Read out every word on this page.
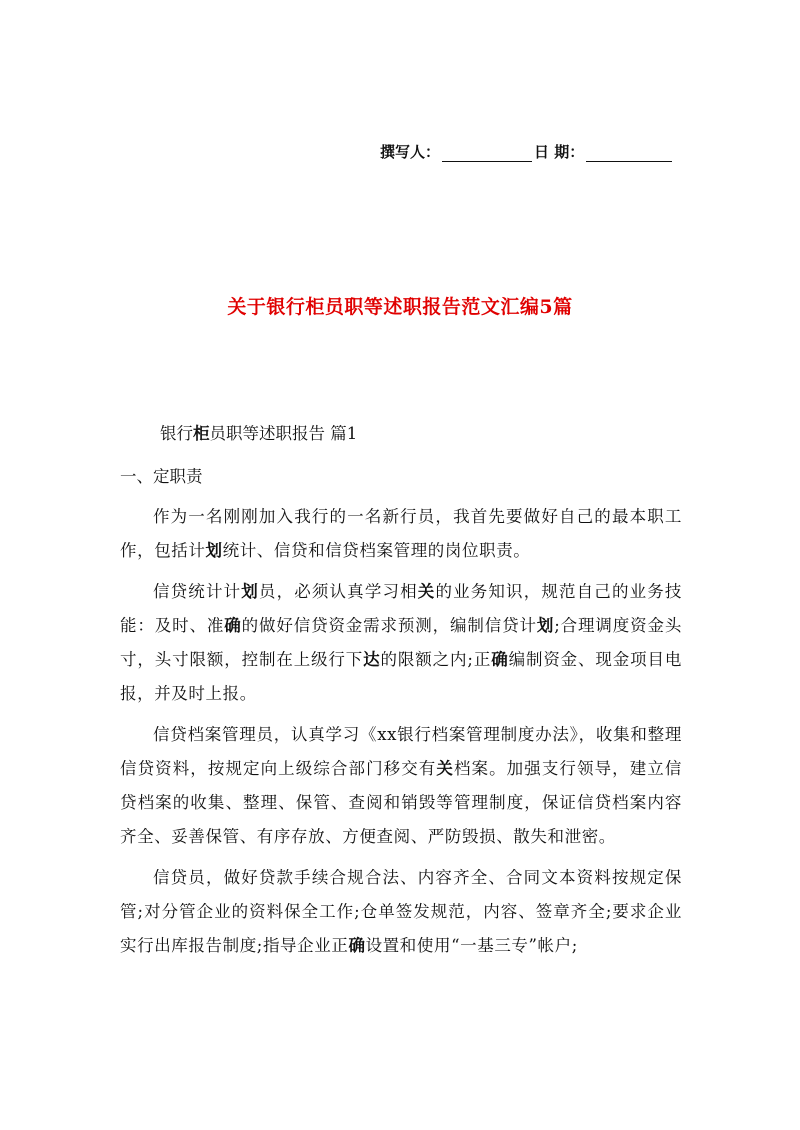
撰写人：	日 期：
关于银行柜员职等述职报告范文汇编5篇
银行柜员职等述职报告 篇1
一、定职责

作为一名刚刚加入我行的一名新行员，我首先要做好自己的最本职工作，包括计划统计、信贷和信贷档案管理的岗位职责。

信贷统计计划员，必须认真学习相关的业务知识，规范自己的业务技能：及时、准确的做好信贷资金需求预测，编制信贷计划;合理调度资金头寸，头寸限额，控制在上级行下达的限额之内;正确编制资金、现金项目电报，并及时上报。

信贷档案管理员，认真学习《xx银行档案管理制度办法》，收集和整理信贷资料，按规定向上级综合部门移交有关档案。加强支行领导，建立信贷档案的收集、整理、保管、查阅和销毁等管理制度，保证信贷档案内容齐全、妥善保管、有序存放、方便查阅、严防毁损、散失和泄密。

信贷员，做好贷款手续合规合法、内容齐全、合同文本资料按规定保管;对分管企业的资料保全工作;仓单签发规范，内容、签章齐全;要求企业实行出库报告制度;指导企业正确设置和使用“一基三专”帐户;
